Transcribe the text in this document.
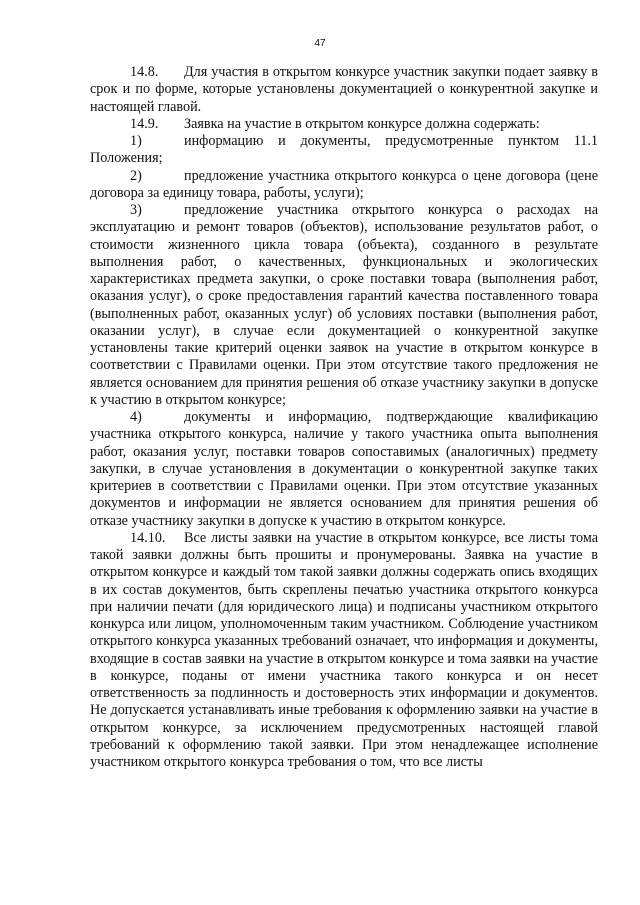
47

14.8. Для участия в открытом конкурсе участник закупки подает заявку в срок и по форме, которые установлены документацией о конкурентной закупке и настоящей главой.

14.9. Заявка на участие в открытом конкурсе должна содержать:

1)	информацию и документы, предусмотренные пунктом 11.1 Положения;

2)	предложение участника открытого конкурса о цене договора (цене договора за единицу товара, работы, услуги);

3)	предложение участника открытого конкурса о расходах на эксплуатацию и ремонт товаров (объектов), использование результатов работ, о стоимости жизненного цикла товара (объекта), созданного в результате выполнения работ, о качественных, функциональных и экологических характеристиках предмета закупки, о сроке поставки товара (выполнения работ, оказания услуг), о сроке предоставления гарантий качества поставленного товара (выполненных работ, оказанных услуг) об условиях поставки (выполнения работ, оказании услуг), в случае если документацией о конкурентной закупке установлены такие критерий оценки заявок на участие в открытом конкурсе в соответствии с Правилами оценки. При этом отсутствие такого предложения не является основанием для принятия решения об отказе участнику закупки в допуске к участию в открытом конкурсе;

4)	документы и информацию, подтверждающие квалификацию участника открытого конкурса, наличие у такого участника опыта выполнения работ, оказания услуг, поставки товаров сопоставимых (аналогичных) предмету закупки, в случае установления в документации о конкурентной закупке таких критериев в соответствии с Правилами оценки. При этом отсутствие указанных документов и информации не является основанием для принятия решения об отказе участнику закупки в допуске к участию в открытом конкурсе.

14.10. Все листы заявки на участие в открытом конкурсе, все листы тома такой заявки должны быть прошиты и пронумерованы. Заявка на участие в открытом конкурсе и каждый том такой заявки должны содержать опись входящих в их состав документов, быть скреплены печатью участника открытого конкурса при наличии печати (для юридического лица) и подписаны участником открытого конкурса или лицом, уполномоченным таким участником. Соблюдение участником открытого конкурса указанных требований означает, что информация и документы, входящие в состав заявки на участие в открытом конкурсе и тома заявки на участие в конкурсе, поданы от имени участника такого конкурса и он несет ответственность за подлинность и достоверность этих информации и документов. Не допускается устанавливать иные требования к оформлению заявки на участие в открытом конкурсе, за исключением предусмотренных настоящей главой требований к оформлению такой заявки. При этом ненадлежащее исполнение участником открытого конкурса требования о том, что все листы
